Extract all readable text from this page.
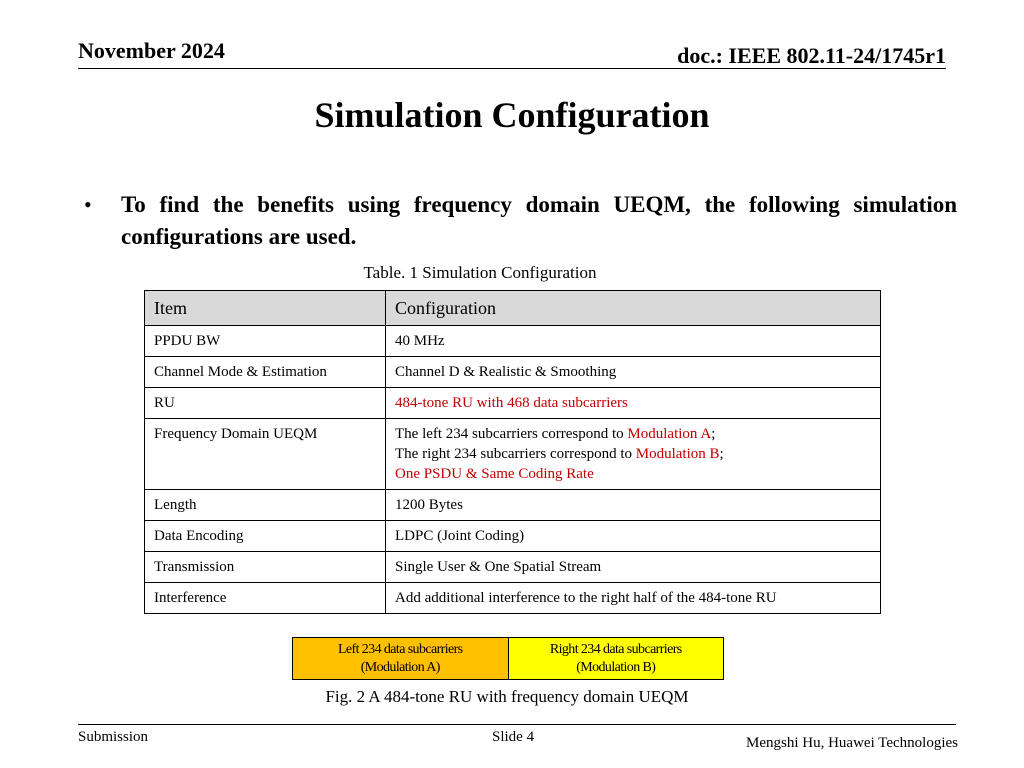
November 2024	doc.: IEEE 802.11-24/1745r1
Simulation Configuration
• To find the benefits using frequency domain UEQM, the following simulation configurations are used.
Table. 1 Simulation Configuration
Item	Configuration
PPDU BW	40 MHz
Channel Mode & Estimation	Channel D & Realistic & Smoothing
RU	484-tone RU with 468 data subcarriers
Frequency Domain UEQM	The left 234 subcarriers correspond to Modulation A;
The right 234 subcarriers correspond to Modulation B;
One PSDU & Same Coding Rate

Length	1200 Bytes
Data Encoding	LDPC (Joint Coding)
Transmission	Single User & One Spatial Stream
Interference	Add additional interference to the right half of the 484-tone RU
Left 234 data subcarriers
(Modulation A)
Right 234 data subcarriers
(Modulation B)
Fig. 2 A 484-tone RU with frequency domain UEQM
Submission	Slide 4	Mengshi Hu, Huawei Technologies
